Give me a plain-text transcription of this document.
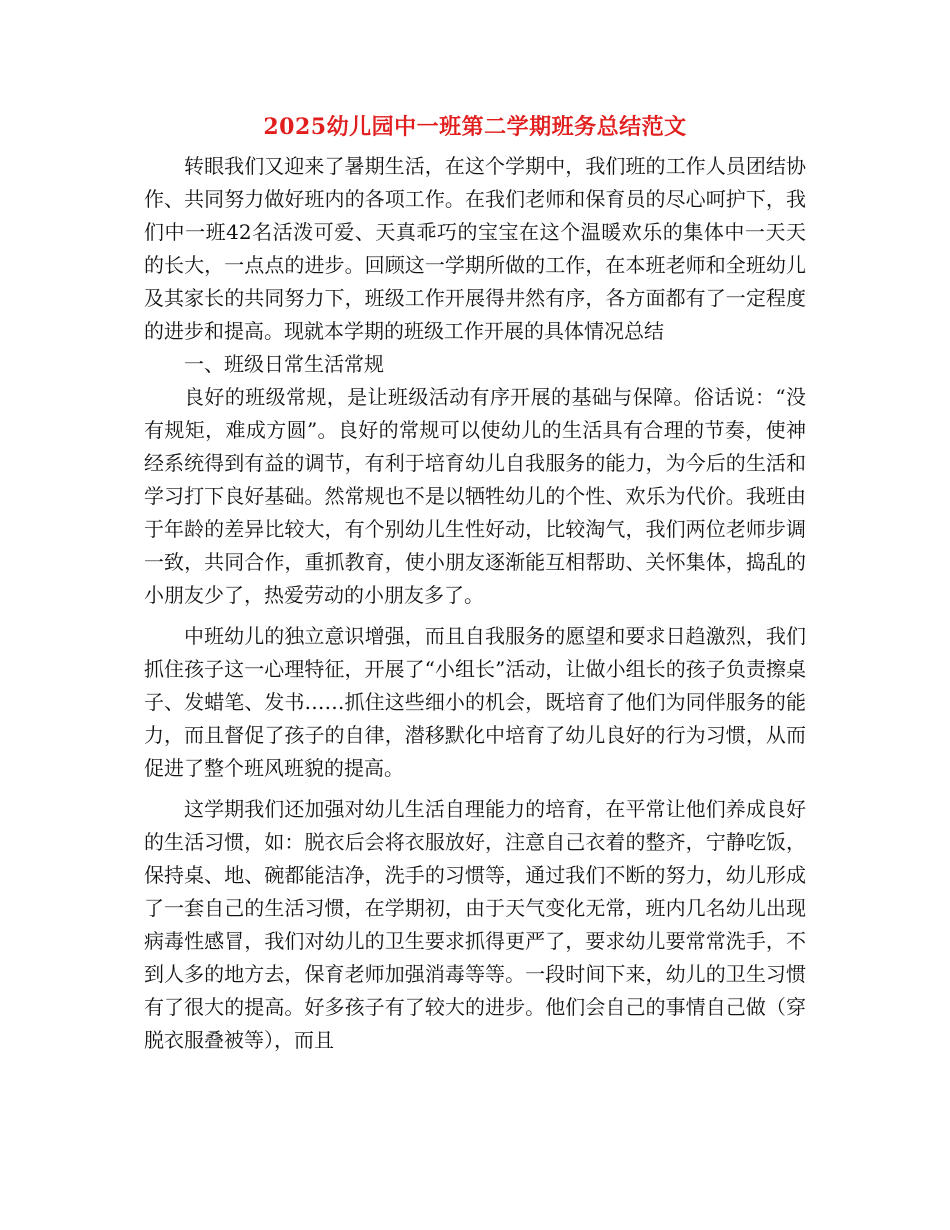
2025幼儿园中一班第二学期班务总结范文

转眼我们又迎来了暑期生活，在这个学期中，我们班的工作人员团结协作、共同努力做好班内的各项工作。在我们老师和保育员的尽心呵护下，我们中一班42名活泼可爱、天真乖巧的宝宝在这个温暖欢乐的集体中一天天的长大，一点点的进步。回顾这一学期所做的工作，在本班老师和全班幼儿及其家长的共同努力下，班级工作开展得井然有序，各方面都有了一定程度的进步和提高。现就本学期的班级工作开展的具体情况总结

一、班级日常生活常规

良好的班级常规，是让班级活动有序开展的基础与保障。俗话说：“没有规矩，难成方圆”。良好的常规可以使幼儿的生活具有合理的节奏，使神经系统得到有益的调节，有利于培育幼儿自我服务的能力，为今后的生活和学习打下良好基础。然常规也不是以牺牲幼儿的个性、欢乐为代价。我班由于年龄的差异比较大，有个别幼儿生性好动，比较淘气，我们两位老师步调一致，共同合作，重抓教育，使小朋友逐渐能互相帮助、关怀集体，捣乱的小朋友少了，热爱劳动的小朋友多了。

中班幼儿的独立意识增强，而且自我服务的愿望和要求日趋激烈，我们抓住孩子这一心理特征，开展了“小组长”活动，让做小组长的孩子负责擦桌子、发蜡笔、发书……抓住这些细小的机会，既培育了他们为同伴服务的能力，而且督促了孩子的自律，潜移默化中培育了幼儿良好的行为习惯，从而促进了整个班风班貌的提高。

这学期我们还加强对幼儿生活自理能力的培育，在平常让他们养成良好的生活习惯，如：脱衣后会将衣服放好，注意自己衣着的整齐，宁静吃饭，保持桌、地、碗都能洁净，洗手的习惯等，通过我们不断的努力，幼儿形成了一套自己的生活习惯，在学期初，由于天气变化无常，班内几名幼儿出现病毒性感冒，我们对幼儿的卫生要求抓得更严了，要求幼儿要常常洗手，不到人多的地方去，保育老师加强消毒等等。一段时间下来，幼儿的卫生习惯有了很大的提高。好多孩子有了较大的进步。他们会自己的事情自己做（穿脱衣服叠被等），而且
